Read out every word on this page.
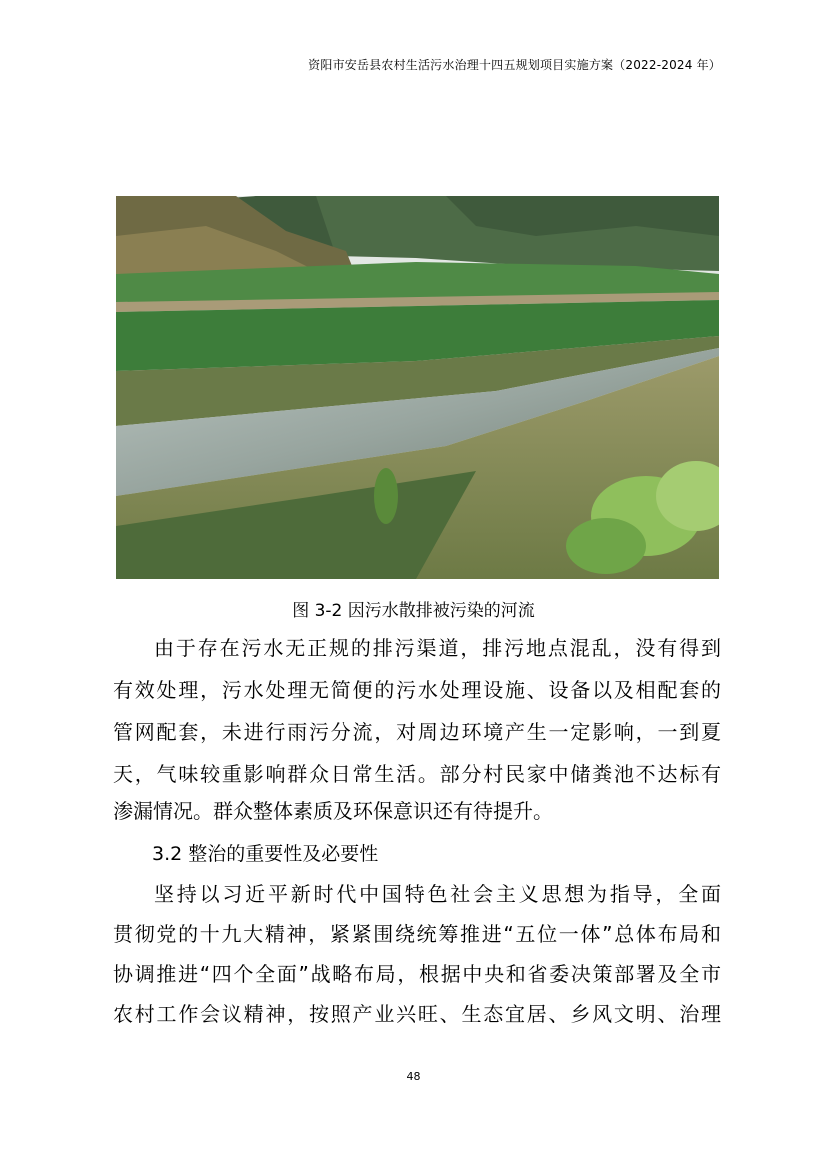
资阳市安岳县农村生活污水治理十四五规划项目实施方案（2022-2024 年）
图 3-2 因污水散排被污染的河流
由于存在污水无正规的排污渠道，排污地点混乱，没有得到
有效处理，污水处理无简便的污水处理设施、设备以及相配套的
管网配套，未进行雨污分流，对周边环境产生一定影响，一到夏
天，气味较重影响群众日常生活。部分村民家中储粪池不达标有
渗漏情况。群众整体素质及环保意识还有待提升。
3.2 整治的重要性及必要性
坚持以习近平新时代中国特色社会主义思想为指导，全面
贯彻党的十九大精神，紧紧围绕统筹推进“五位一体”总体布局和
协调推进“四个全面”战略布局，根据中央和省委决策部署及全市
农村工作会议精神，按照产业兴旺、生态宜居、乡风文明、治理
48
